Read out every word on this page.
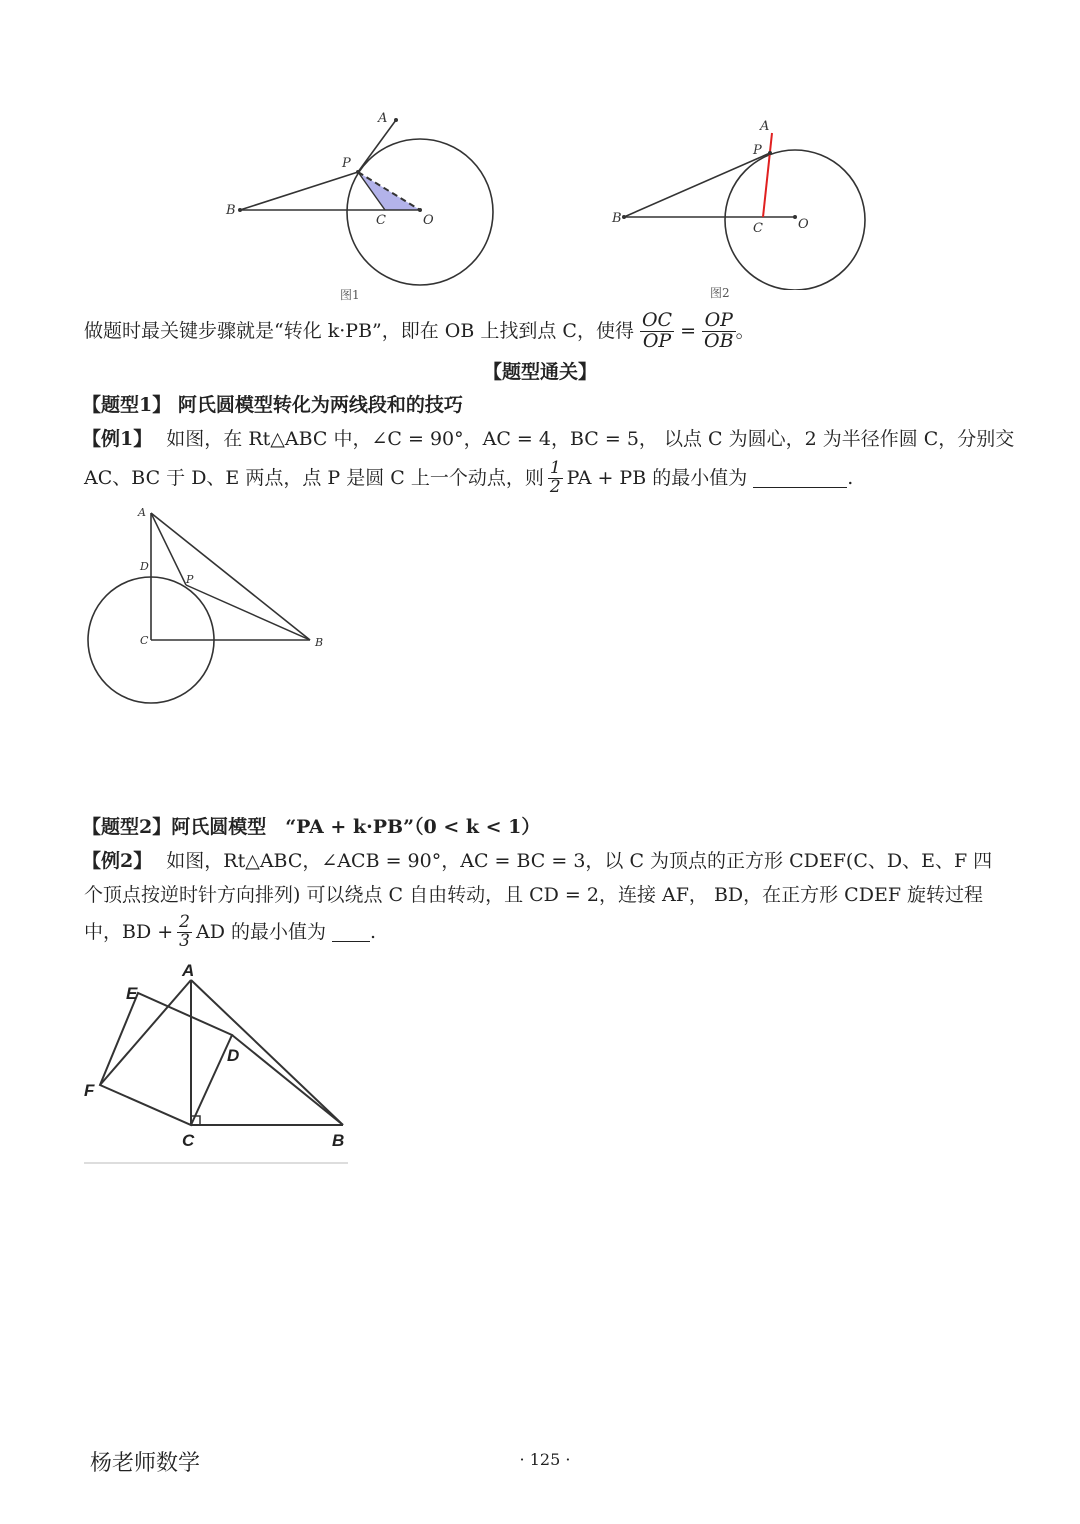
A
P
B
C	O
图1
A
P
B
C	O
图2
做题时最关键步骤就是“转化 k·PB”，即在 OB 上找到点 C，使得 $\frac{OC}{OP} = \frac{OP}{OB}$ 。
【题型通关】
【题型1】 阿氏圆模型转化为两线段和的技巧
【例1】 如图，在 Rt△ABC 中，∠C = 90°，AC = 4，BC = 5， 以点 C 为圆心，2 为半径作圆 C，分别交
AC、BC 于 D、E 两点，点 P 是圆 C 上一个动点，则 $\frac{1}{2}$ PA + PB 的最小值为	.
A
D
P
C	B
【题型2】阿氏圆模型　“PA + k·PB”（0 < k < 1）
【例2】 如图，Rt△ABC，∠ACB = 90°，AC = BC = 3，以 C 为顶点的正方形 CDEF(C、D、E、F 四
个顶点按逆时针方向排列) 可以绕点 C 自由转动，且 CD = 2，连接 AF， BD，在正方形 CDEF 旋转过程
中，BD + $\frac{2}{3}$ AD 的最小值为 .
A
E
D
F
C	B
杨老师数学	· 125 ·
